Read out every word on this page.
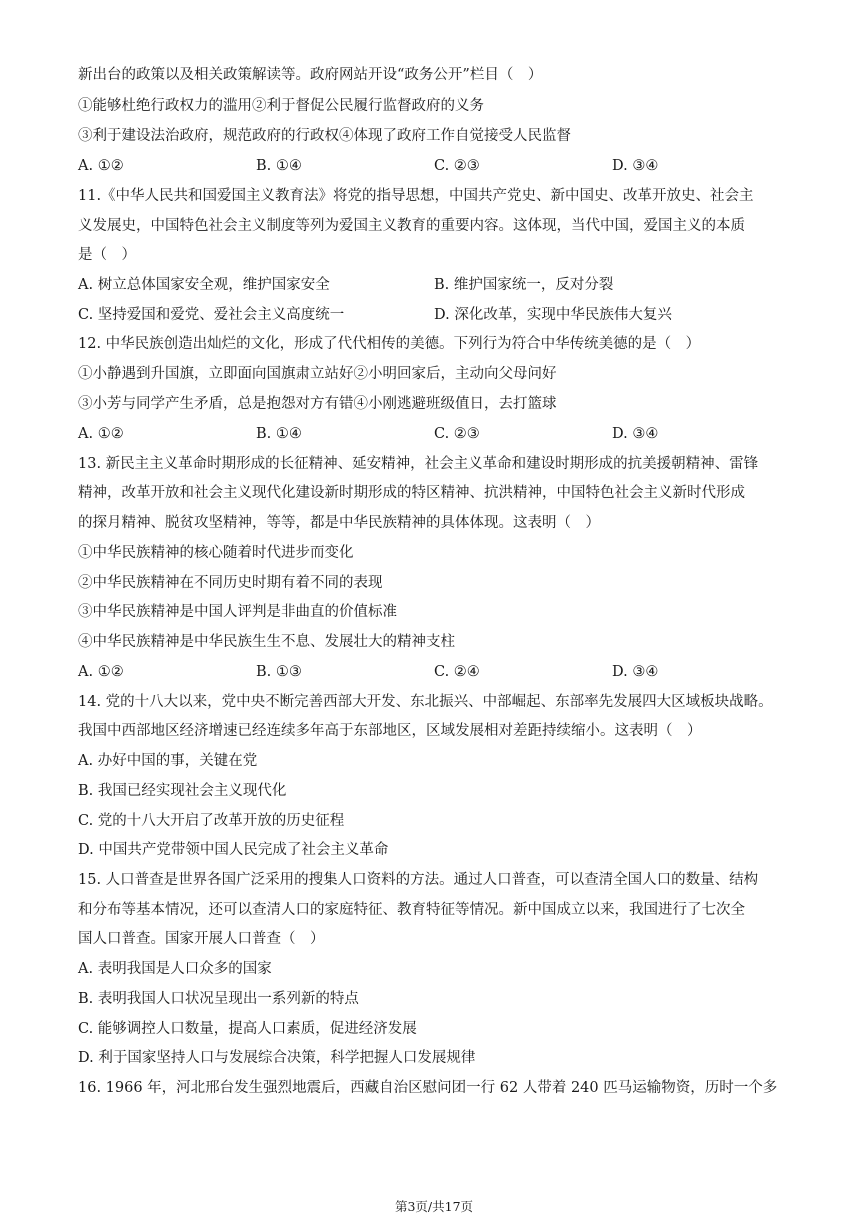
新出台的政策以及相关政策解读等。政府网站开设“政务公开”栏目（　）
①能够杜绝行政权力的滥用②利于督促公民履行监督政府的义务
③利于建设法治政府，规范政府的行政权④体现了政府工作自觉接受人民监督
A. ①②	B. ①④	C. ②③	D. ③④
11.《中华人民共和国爱国主义教育法》将党的指导思想，中国共产党史、新中国史、改革开放史、社会主
义发展史，中国特色社会主义制度等列为爱国主义教育的重要内容。这体现，当代中国，爱国主义的本质
是（　）
A. 树立总体国家安全观，维护国家安全	B. 维护国家统一，反对分裂
C. 坚持爱国和爱党、爱社会主义高度统一	D. 深化改革，实现中华民族伟大复兴
12. 中华民族创造出灿烂的文化，形成了代代相传的美德。下列行为符合中华传统美德的是（　）
①小静遇到升国旗，立即面向国旗肃立站好②小明回家后，主动向父母问好
③小芳与同学产生矛盾，总是抱怨对方有错④小刚逃避班级值日，去打篮球
A. ①②	B. ①④	C. ②③	D. ③④
13. 新民主主义革命时期形成的长征精神、延安精神，社会主义革命和建设时期形成的抗美援朝精神、雷锋
精神，改革开放和社会主义现代化建设新时期形成的特区精神、抗洪精神，中国特色社会主义新时代形成
的探月精神、脱贫攻坚精神，等等，都是中华民族精神的具体体现。这表明（　）
①中华民族精神的核心随着时代进步而变化
②中华民族精神在不同历史时期有着不同的表现
③中华民族精神是中国人评判是非曲直的价值标准
④中华民族精神是中华民族生生不息、发展壮大的精神支柱
A. ①②	B. ①③	C. ②④	D. ③④
14. 党的十八大以来，党中央不断完善西部大开发、东北振兴、中部崛起、东部率先发展四大区域板块战略。
我国中西部地区经济增速已经连续多年高于东部地区，区域发展相对差距持续缩小。这表明（　）
A. 办好中国的事，关键在党
B. 我国已经实现社会主义现代化
C. 党的十八大开启了改革开放的历史征程
D. 中国共产党带领中国人民完成了社会主义革命
15. 人口普查是世界各国广泛采用的搜集人口资料的方法。通过人口普查，可以查清全国人口的数量、结构
和分布等基本情况，还可以查清人口的家庭特征、教育特征等情况。新中国成立以来，我国进行了七次全
国人口普查。国家开展人口普查（　）
A. 表明我国是人口众多的国家
B. 表明我国人口状况呈现出一系列新的特点
C. 能够调控人口数量，提高人口素质，促进经济发展
D. 利于国家坚持人口与发展综合决策，科学把握人口发展规律
16. 1966 年，河北邢台发生强烈地震后，西藏自治区慰问团一行 62 人带着 240 匹马运输物资，历时一个多
第3页/共17页
